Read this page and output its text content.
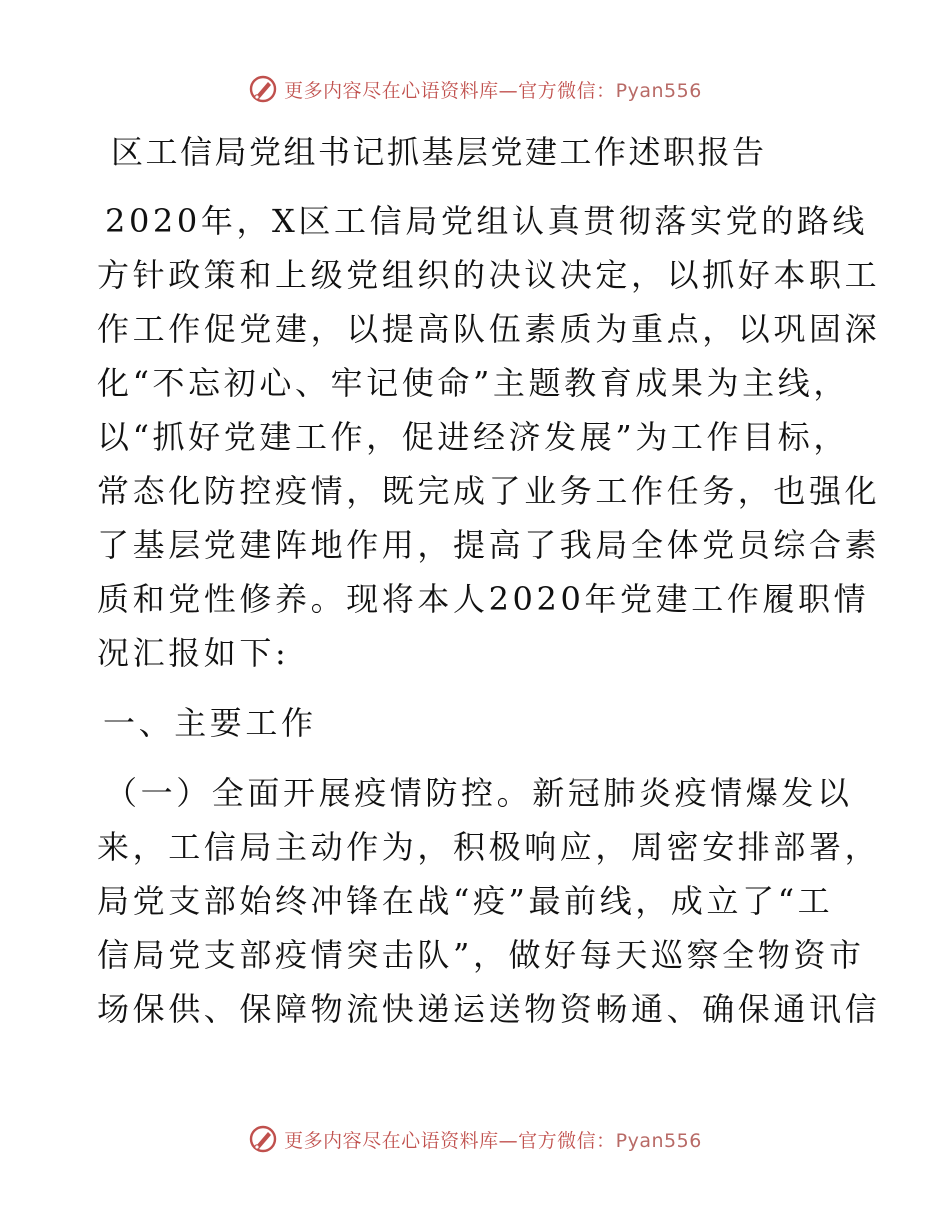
更多内容尽在心语资料库—官方微信：Pyan556
区工信局党组书记抓基层党建工作述职报告
2020年，X区工信局党组认真贯彻落实党的路线
方针政策和上级党组织的决议决定，以抓好本职工
作工作促党建，以提高队伍素质为重点，以巩固深
化“不忘初心、牢记使命”主题教育成果为主线，
以“抓好党建工作，促进经济发展”为工作目标，
常态化防控疫情，既完成了业务工作任务，也强化
了基层党建阵地作用，提高了我局全体党员综合素
质和党性修养。现将本人2020年党建工作履职情
况汇报如下:
一、主要工作
（一）全面开展疫情防控。新冠肺炎疫情爆发以
来，工信局主动作为，积极响应，周密安排部署，
局党支部始终冲锋在战“疫”最前线，成立了“工
信局党支部疫情突击队”，做好每天巡察全物资市
场保供、保障物流快递运送物资畅通、确保通讯信
更多内容尽在心语资料库—官方微信：Pyan556
